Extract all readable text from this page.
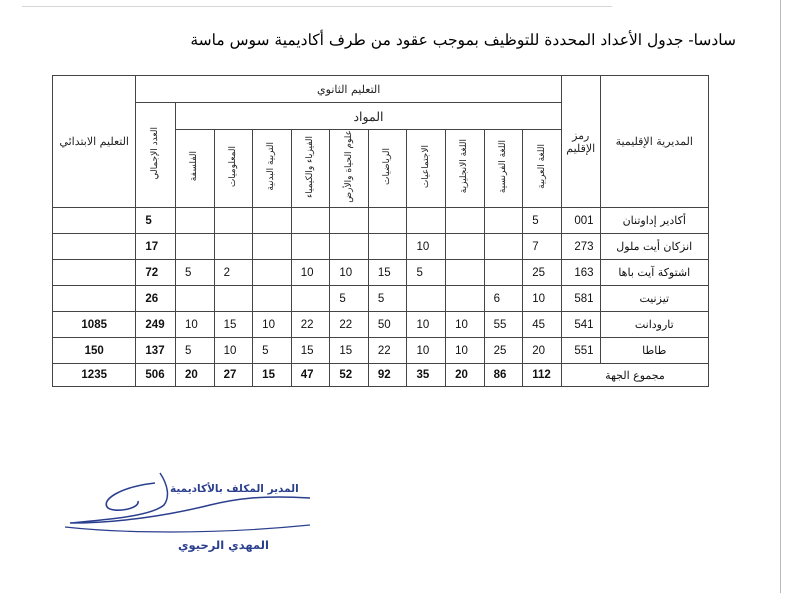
سادسا- جدول الأعداد المحددة للتوظيف بموجب عقود من طرف أكاديمية سوس ماسة
التعليم الابتدائي	التعليم الثانوي											رمز الإقليم	المديرية الإقليمية
	العدد الإجمالي	المواد											
		الفلسفة	المعلوميات	التربية البدنية	الفيزياء والكيمياء	علوم الحياة والأرض	الرياضيات	الاجتماعيات	اللغة الانجليزية	اللغة الفرنسية	اللغة العربية		
	5										5	001	أكادير إداوتنان
	17							10			7	273	انزكان أيت ملول
	72	5	2		10	10	15	5			25	163	اشتوكة آيت باها
	26					5	5			6	10	581	تيزنيت
1085	249	10	15	10	22	22	50	10	10	55	45	541	تارودانت
150	137	5	10	5	15	15	22	10	10	25	20	551	طاطا
1235	506	20	27	15	47	52	92	35	20	86	112	مجموع الجهة	
المدير المكلف بالأكاديمية
المهدي الرحيوي
